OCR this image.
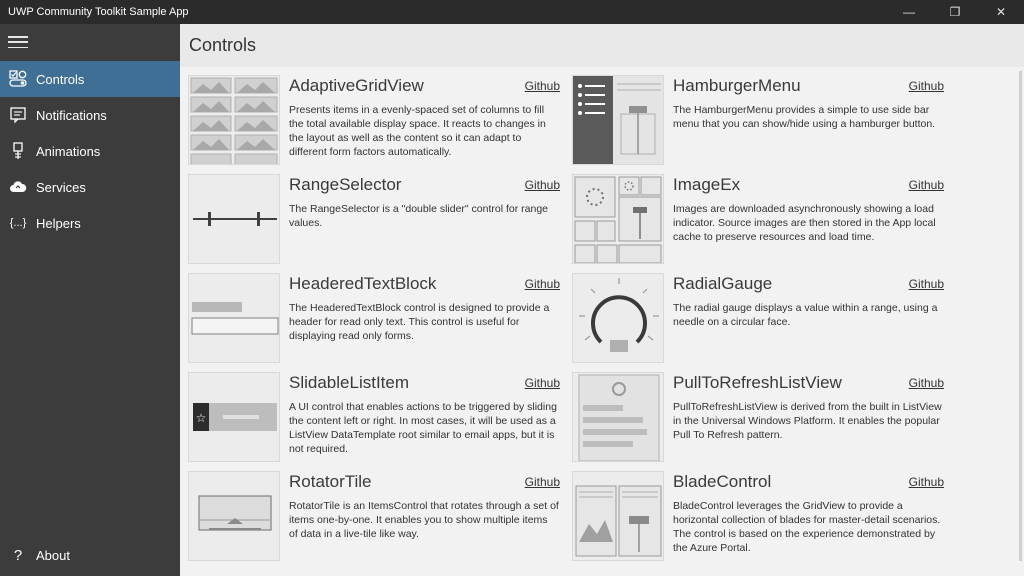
UWP Community Toolkit Sample App	—	❐	✕
Controls
Notifications
Animations
Services
{...} Helpers
?	About
Controls
AdaptiveGridView	Github
Presents items in a evenly-spaced set of columns to fill the total available display space. It reacts to changes in the layout as well as the content so it can adapt to different form factors automatically.
HamburgerMenu	Github
The HamburgerMenu provides a simple to use side bar menu that you can show/hide using a hamburger button.
RangeSelector	Github
The RangeSelector is a "double slider" control for range values.
ImageEx	Github
Images are downloaded asynchronously showing a load indicator. Source images are then stored in the App local cache to preserve resources and load time.
HeaderedTextBlock	Github
The HeaderedTextBlock control is designed to provide a header for read only text. This control is useful for displaying read only forms.
RadialGauge	Github
The radial gauge displays a value within a range, using a needle on a circular face.
☆
SlidableListItem	Github
A UI control that enables actions to be triggered by sliding the content left or right. In most cases, it will be used as a ListView DataTemplate root similar to email apps, but it is not required.
PullToRefreshListView	Github
PullToRefreshListView is derived from the built in ListView in the Universal Windows Platform. It enables the popular Pull To Refresh pattern.
RotatorTile	Github
RotatorTile is an ItemsControl that rotates through a set of items one-by-one. It enables you to show multiple items of data in a live-tile like way.
BladeControl	Github
BladeControl leverages the GridView to provide a horizontal collection of blades for master-detail scenarios. The control is based on the experience demonstrated by the Azure Portal.
